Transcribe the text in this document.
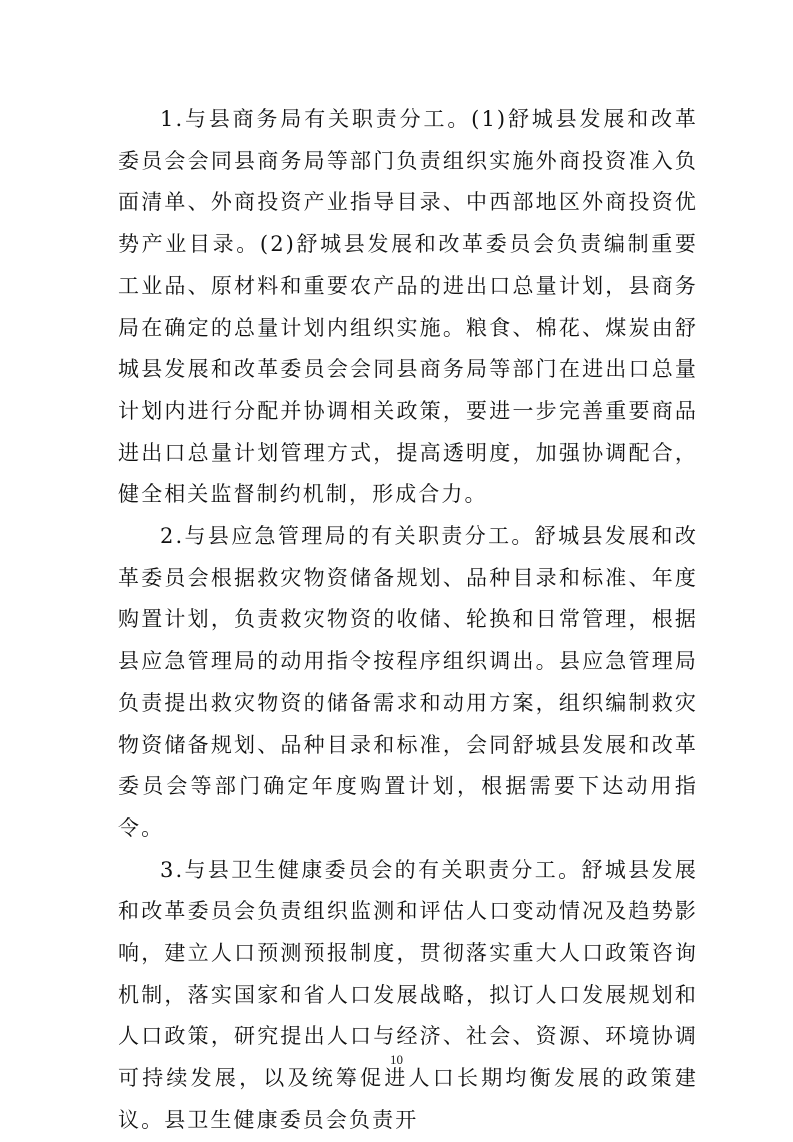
1.与县商务局有关职责分工。(1)舒城县发展和改革委员会会同县商务局等部门负责组织实施外商投资准入负面清单、外商投资产业指导目录、中西部地区外商投资优势产业目录。(2)舒城县发展和改革委员会负责编制重要工业品、原材料和重要农产品的进出口总量计划，县商务局在确定的总量计划内组织实施。粮食、棉花、煤炭由舒城县发展和改革委员会会同县商务局等部门在进出口总量计划内进行分配并协调相关政策，要进一步完善重要商品进出口总量计划管理方式，提高透明度，加强协调配合，健全相关监督制约机制，形成合力。

2.与县应急管理局的有关职责分工。舒城县发展和改革委员会根据救灾物资储备规划、品种目录和标准、年度购置计划，负责救灾物资的收储、轮换和日常管理，根据县应急管理局的动用指令按程序组织调出。县应急管理局负责提出救灾物资的储备需求和动用方案，组织编制救灾物资储备规划、品种目录和标准，会同舒城县发展和改革委员会等部门确定年度购置计划，根据需要下达动用指令。

3.与县卫生健康委员会的有关职责分工。舒城县发展和改革委员会负责组织监测和评估人口变动情况及趋势影响，建立人口预测预报制度，贯彻落实重大人口政策咨询机制，落实国家和省人口发展战略，拟订人口发展规划和人口政策，研究提出人口与经济、社会、资源、环境协调可持续发展，以及统筹促进人口长期均衡发展的政策建议。县卫生健康委员会负责开

10
